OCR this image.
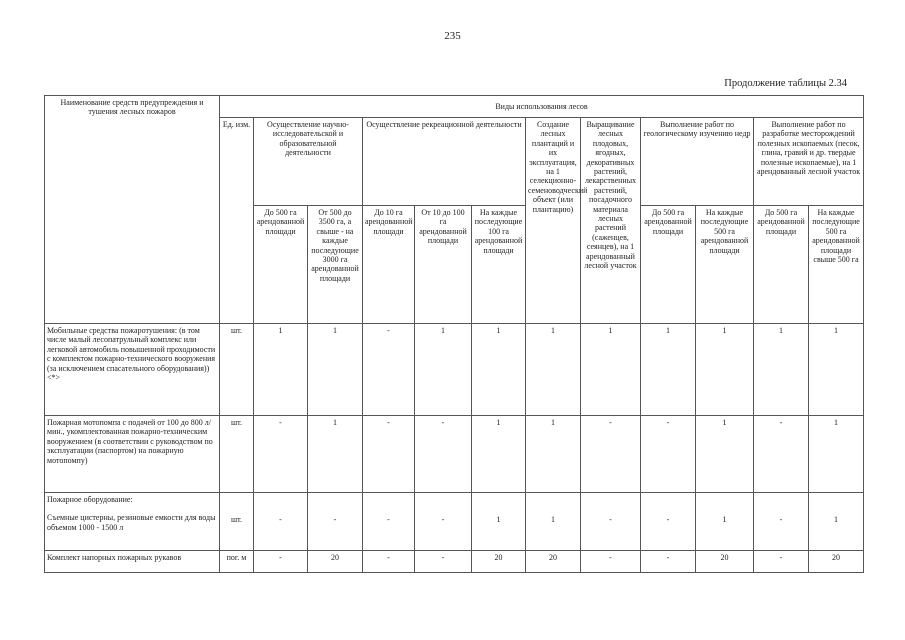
235
Продолжение таблицы 2.34
Наименование средств предупреждения и тушения лесных пожаров	Виды использования лесов											
	Ед. изм.	Осуществление научно-исследовательской и образовательной деятельности		Осуществление рекреационной деятельности			Создание лесных плантаций и их эксплуатация, на 1 селекционно-семеноводческий объект (или плантацию)	Выращивание лесных плодовых, ягодных, декоративных растений, лекарственных растений, посадочного материала лесных растений (саженцев, сеянцев), на 1 арендованный лесной участок	Выполнение работ по геологическому изучению недр		Выполнение работ по разработке месторождений полезных ископаемых (песок, глина, гравий и др. твердые полезные ископаемые), на 1 арендованный лесной участок	
		До 500 га арендованной площади	От 500 до 3500 га, а свыше - на каждые последующие 3000 га арендованной площади	До 10 га арендованной площади	От 10 до 100 га арендованной площади	На каждые последующие 100 га арендованной площади			До 500 га арендованной площади	На каждые последующие 500 га арендованной площади	До 500 га арендованной площади	На каждые последующие 500 га арендованной площади свыше 500 га
Мобильные средства пожаротушения: (в том числе малый лесопатрульный комплекс или легковой автомобиль повышенной проходимости с комплектом пожарно-технического вооружения (за исключением спасательного оборудования)) <*>	шт.	1	1	-	1	1	1	1	1	1	1	1
Пожарная мотопомпа с подачей от 100 до 800 л/мин., укомплектованная пожарно-техническим вооружением (в соответствии с руководством по эксплуатации (паспортом) на пожарную мотопомпу)	шт.	-	1	-	-	1	1	-	-	1	-	1

Пожарное оборудование:
Съемные цистерны, резиновые емкости для воды объемом 1000 - 1500 л	шт.	-	-	-	-	1	1	-	-	1	-	1
Комплект напорных пожарных рукавов	пог. м	-	20	-	-	20	20	-	-	20	-	20
